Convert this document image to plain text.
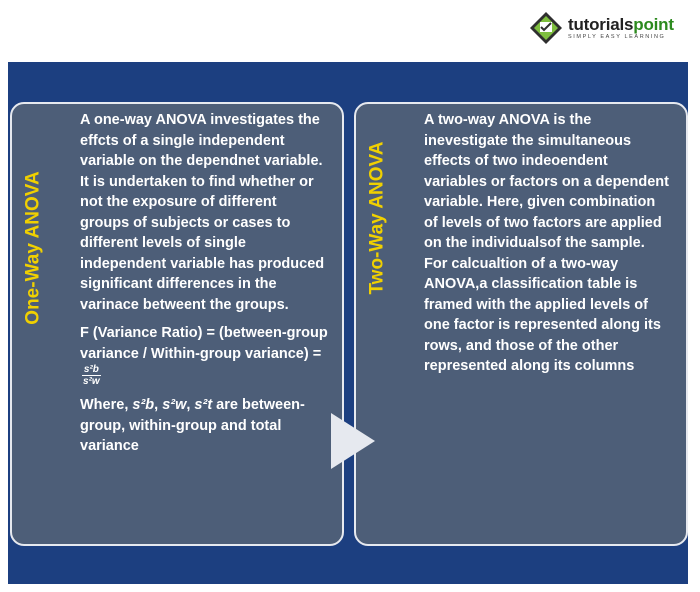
tutorialspoint
SIMPLY EASY LEARNING
One-Way ANOVA

A one-way ANOVA investigates the effcts of a single independent variable on the dependnet variable. It is undertaken to find whether or not the exposure of different groups of subjects or cases to different levels of single independent variable has produced significant differences in the varinace betweent the groups.

F (Variance Ratio) = (between-group variance / Within-group variance) =
$\frac{\text{s²b}}{\text{s²w}}$

Where, s²b, s²w, s²t are between-group, within-group and total variance

Two-Way ANOVA

A two-way ANOVA is the inevestigate the simultaneous effects of two indeoendent variables or factors on a dependent variable. Here, given combination of levels of two factors are applied on the individualsof the sample. For calcualtion of a two-way ANOVA,a classification table is framed with the applied levels of one factor is represented along its rows, and those of the other represented along its columns
